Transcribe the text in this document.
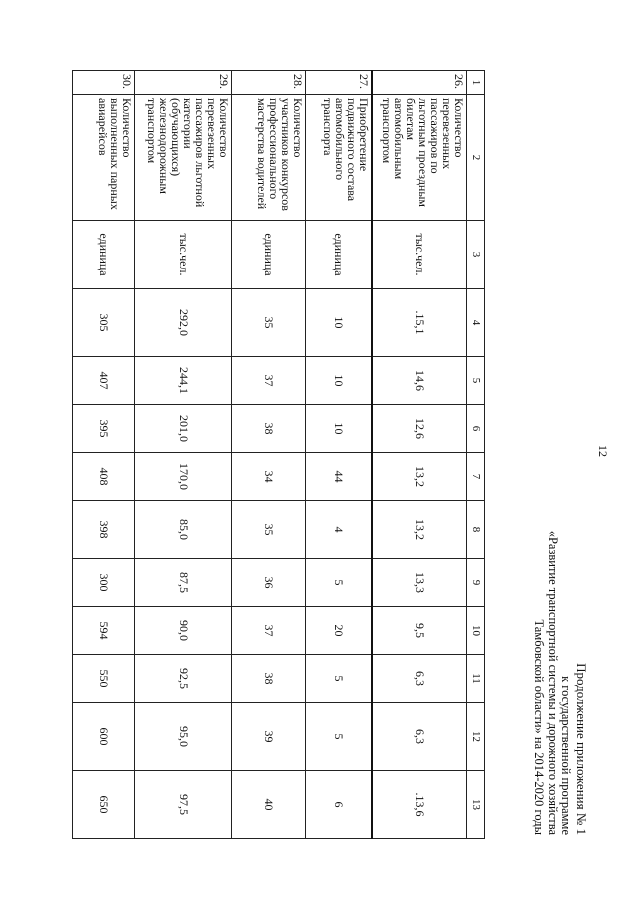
12
Продолжение приложения № 1
к государственной программе
«Развитие транспортной системы и дорожного хозяйства
Тамбовской области» на 2014-2020 годы
1	2	3	4	5	6	7	8	9	10	11	12	13
26.	Количество перевезенных пассажиров по льготным проездным билетам автомобильным транспортом	тыс.чел.	.15,1	14,6	12,6	13,2	13,2	13,3	9,5	6,3	6,3	.13,6
27.	Приобретение подвижного состава автомобильного транспорта	единица	10	10	10	44	4	5	20	5	5	6
28.	Количество участников конкурсов профессионального мастерства водителей	единица	35	37	38	34	35	36	37	38	39	40
29.	Количество перевезенных пассажиров льготной категории (обучающихся) железнодорожным транспортом	тыс.чел.	292,0	244,1	201,0	170,0	85,0	87,5	90,0	92,5	95,0	97,5
30.	Количество выполненных парных авиарейсов	единица	305	407	395	408	398	300	594	550	600	650
